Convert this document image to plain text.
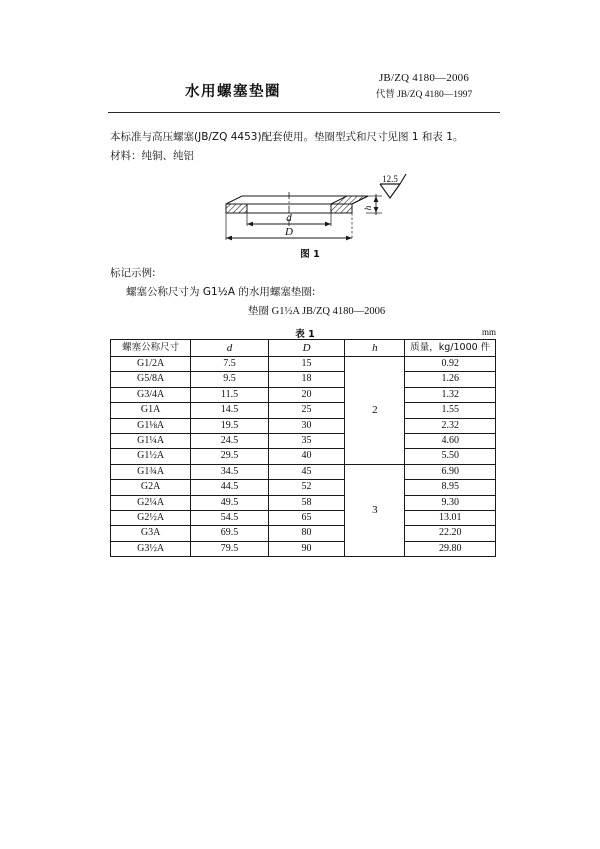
水用螺塞垫圈
JB/ZQ 4180—2006
代替 JB/ZQ 4180—1997
本标准与高压螺塞(JB/ZQ 4453)配套使用。垫圈型式和尺寸见图 1 和表 1。
材料：纯铜、纯铝
d
D
h
12.5
图 1
标记示例:
螺塞公称尺寸为 G1½A 的水用螺塞垫圈:
垫圈 G1½A JB/ZQ 4180—2006
表 1	mm
螺塞公称尺寸	d	D	h	质量，kg/1000 件
G1/2A	7.5	15	2	0.92
G5/8A	9.5	18		1.26
G3/4A	11.5	20		1.32
G1A	14.5	25		1.55
G1⅛A	19.5	30		2.32
G1¼A	24.5	35		4.60
G1½A	29.5	40		5.50
G1¾A	34.5	45	3	6.90
G2A	44.5	52		8.95
G2¼A	49.5	58		9.30
G2½A	54.5	65		13.01
G3A	69.5	80		22.20
G3½A	79.5	90		29.80
